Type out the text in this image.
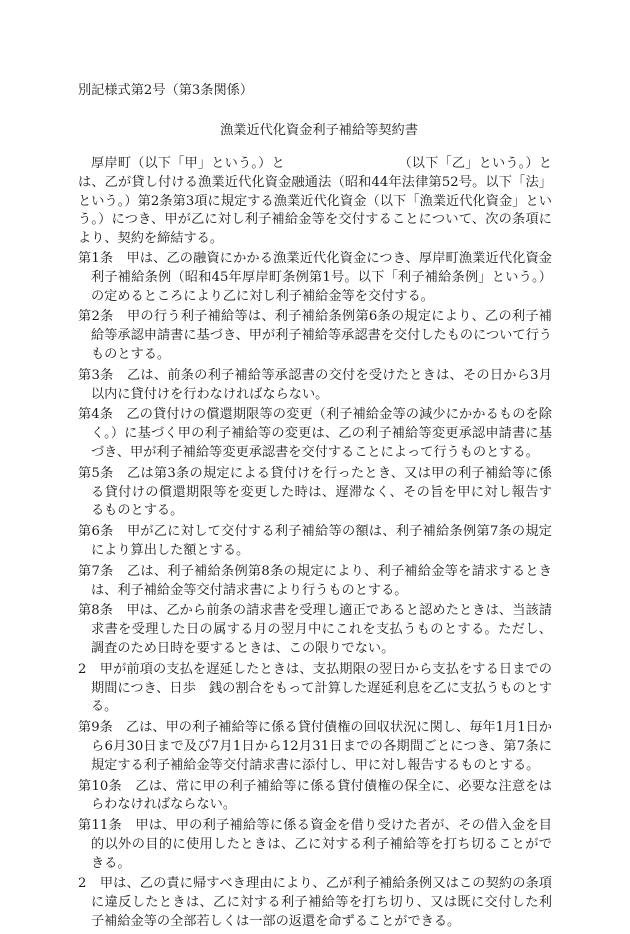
別記様式第2号（第3条関係）

漁業近代化資金利子補給等契約書

厚岸町（以下「甲」という。）と　　　　　　　　　（以下「乙」という。）とは、乙が貸し付ける漁業近代化資金融通法（昭和44年法律第52号。以下「法」という。）第2条第3項に規定する漁業近代化資金（以下「漁業近代化資金」という。）につき、甲が乙に対し利子補給金等を交付することについて、次の条項により、契約を締結する。

第1条　甲は、乙の融資にかかる漁業近代化資金につき、厚岸町漁業近代化資金利子補給条例（昭和45年厚岸町条例第1号。以下「利子補給条例」という。）の定めるところにより乙に対し利子補給金等を交付する。

第2条　甲の行う利子補給等は、利子補給条例第6条の規定により、乙の利子補給等承認申請書に基づき、甲が利子補給等承認書を交付したものについて行うものとする。

第3条　乙は、前条の利子補給等承認書の交付を受けたときは、その日から3月以内に貸付けを行わなければならない。

第4条　乙の貸付けの償還期限等の変更（利子補給金等の減少にかかるものを除く。）に基づく甲の利子補給等の変更は、乙の利子補給等変更承認申請書に基づき、甲が利子補給等変更承認書を交付することによって行うものとする。

第5条　乙は第3条の規定による貸付けを行ったとき、又は甲の利子補給等に係る貸付けの償還期限等を変更した時は、遅滞なく、その旨を甲に対し報告するものとする。

第6条　甲が乙に対して交付する利子補給等の額は、利子補給条例第7条の規定により算出した額とする。

第7条　乙は、利子補給条例第8条の規定により、利子補給金等を請求するときは、利子補給金等交付請求書により行うものとする。

第8条　甲は、乙から前条の請求書を受理し適正であると認めたときは、当該請求書を受理した日の属する月の翌月中にこれを支払うものとする。ただし、調査のため日時を要するときは、この限りでない。

2　甲が前項の支払を遅延したときは、支払期限の翌日から支払をする日までの期間につき、日歩　銭の割合をもって計算した遅延利息を乙に支払うものとする。

第9条　乙は、甲の利子補給等に係る貸付債権の回収状況に関し、毎年1月1日から6月30日まで及び7月1日から12月31日までの各期間ごとにつき、第7条に規定する利子補給金等交付請求書に添付し、甲に対し報告するものとする。

第10条　乙は、常に甲の利子補給等に係る貸付債権の保全に、必要な注意をはらわなければならない。

第11条　甲は、甲の利子補給等に係る資金を借り受けた者が、その借入金を目的以外の目的に使用したときは、乙に対する利子補給等を打ち切ることができる。

2　甲は、乙の責に帰すべき理由により、乙が利子補給条例又はこの契約の条項に違反したときは、乙に対する利子補給等を打ち切り、又は既に交付した利子補給金等の全部若しくは一部の返還を命ずることができる。
